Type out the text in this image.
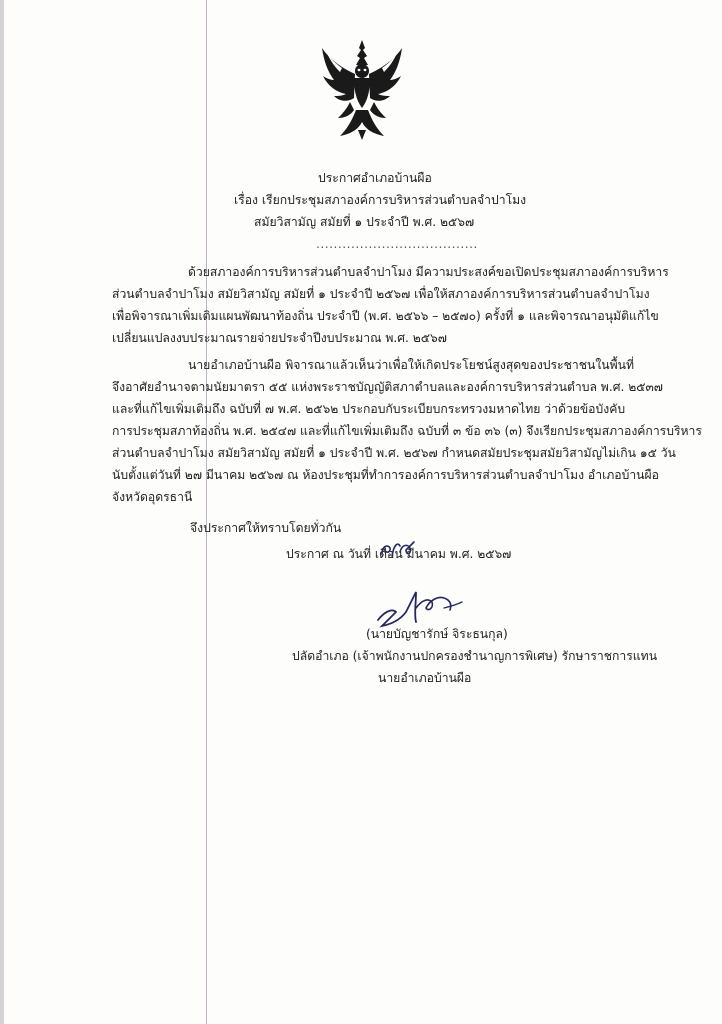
ประกาศอำเภอบ้านผือ
เรื่อง เรียกประชุมสภาองค์การบริหารส่วนตำบลจำปาโมง
สมัยวิสามัญ สมัยที่ ๑ ประจำปี พ.ศ. ๒๕๖๗
.....................................
ด้วยสภาองค์การบริหารส่วนตำบลจำปาโมง มีความประสงค์ขอเปิดประชุมสภาองค์การบริหาร
ส่วนตำบลจำปาโมง สมัยวิสามัญ สมัยที่ ๑ ประจำปี ๒๕๖๗ เพื่อให้สภาองค์การบริหารส่วนตำบลจำปาโมง
เพื่อพิจารณาเพิ่มเติมแผนพัฒนาท้องถิ่น ประจำปี (พ.ศ. ๒๕๖๖ – ๒๕๗๐) ครั้งที่ ๑ และพิจารณาอนุมัติแก้ไข
เปลี่ยนแปลงงบประมาณรายจ่ายประจำปีงบประมาณ พ.ศ. ๒๕๖๗
นายอำเภอบ้านผือ พิจารณาแล้วเห็นว่าเพื่อให้เกิดประโยชน์สูงสุดของประชาชนในพื้นที่
จึงอาศัยอำนาจตามนัยมาตรา ๕๕ แห่งพระราชบัญญัติสภาตำบลและองค์การบริหารส่วนตำบล พ.ศ. ๒๕๓๗
และที่แก้ไขเพิ่มเติมถึง ฉบับที่ ๗ พ.ศ. ๒๕๖๒ ประกอบกับระเบียบกระทรวงมหาดไทย ว่าด้วยข้อบังคับ
การประชุมสภาท้องถิ่น พ.ศ. ๒๕๔๗ และที่แก้ไขเพิ่มเติมถึง ฉบับที่ ๓ ข้อ ๓๖ (๓) จึงเรียกประชุมสภาองค์การบริหาร
ส่วนตำบลจำปาโมง สมัยวิสามัญ สมัยที่ ๑ ประจำปี พ.ศ. ๒๕๖๗ กำหนดสมัยประชุมสมัยวิสามัญไม่เกิน ๑๕ วัน
นับตั้งแต่วันที่ ๒๗ มีนาคม ๒๕๖๗ ณ ห้องประชุมที่ทำการองค์การบริหารส่วนตำบลจำปาโมง อำเภอบ้านผือ
จังหวัดอุดรธานี
จึงประกาศให้ทราบโดยทั่วกัน
ประกาศ ณ วันที่ เดือน มีนาคม พ.ศ. ๒๕๖๗
(นายบัญชารักษ์ จิระธนกุล)
ปลัดอำเภอ (เจ้าพนักงานปกครองชำนาญการพิเศษ) รักษาราชการแทน
นายอำเภอบ้านผือ
